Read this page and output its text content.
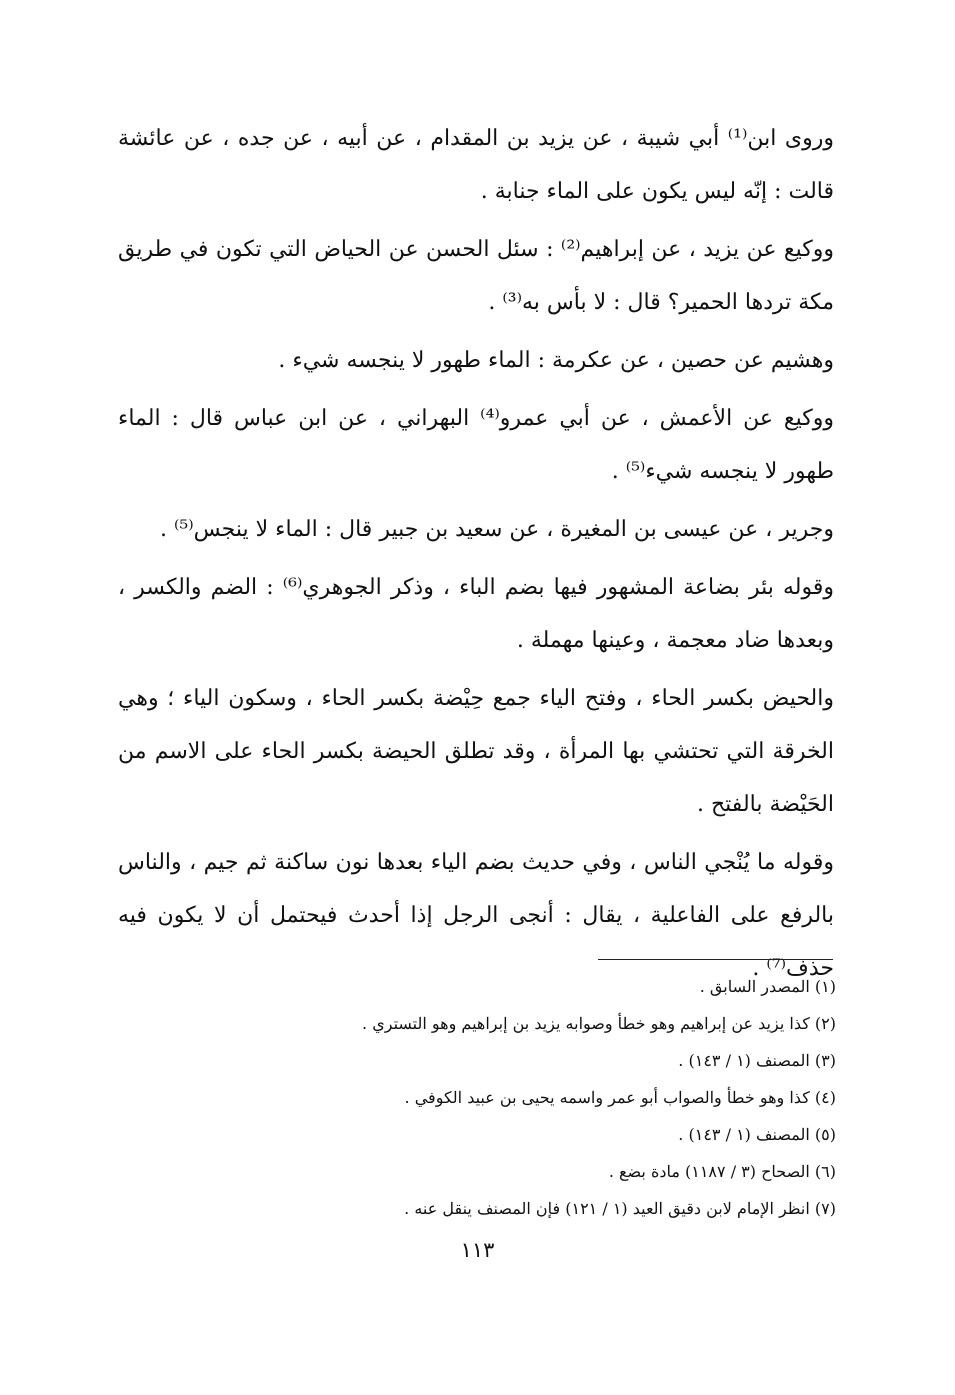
وروى ابن⁽¹⁾ أبي شيبة ، عن يزيد بن المقدام ، عن أبيه ، عن جده ، عن عائشة قالت : إنّه ليس يكون على الماء جنابة .

ووكيع عن يزيد ، عن إبراهيم⁽²⁾ : سئل الحسن عن الحياض التي تكون في طريق مكة تردها الحمير؟ قال : لا بأس به⁽³⁾ .

وهشيم عن حصين ، عن عكرمة : الماء طهور لا ينجسه شيء .

ووكيع عن الأعمش ، عن أبي عمرو⁽⁴⁾ البهراني ، عن ابن عباس قال : الماء طهور لا ينجسه شيء⁽⁵⁾ .

وجرير ، عن عيسى بن المغيرة ، عن سعيد بن جبير قال : الماء لا ينجس⁽⁵⁾ .

وقوله بئر بضاعة المشهور فيها بضم الباء ، وذكر الجوهري⁽⁶⁾ : الضم والكسر ، وبعدها ضاد معجمة ، وعينها مهملة .

والحيض بكسر الحاء ، وفتح الياء جمع حِيْضة بكسر الحاء ، وسكون الياء ؛ وهي الخرقة التي تحتشي بها المرأة ، وقد تطلق الحيضة بكسر الحاء على الاسم من الحَيْضة بالفتح .

وقوله ما يُنْجي الناس ، وفي حديث بضم الياء بعدها نون ساكنة ثم جيم ، والناس بالرفع على الفاعلية ، يقال : أنجى الرجل إذا أحدث فيحتمل أن لا يكون فيه حذف⁽⁷⁾ .

(١) المصدر السابق .

(٢) كذا يزيد عن إبراهيم وهو خطأ وصوابه يزيد بن إبراهيم وهو التستري .

(٣) المصنف (١ / ١٤٣) .

(٤) كذا وهو خطأ والصواب أبو عمر واسمه يحيى بن عبيد الكوفي .

(٥) المصنف (١ / ١٤٣) .

(٦) الصحاح (٣ / ١١٨٧) مادة بضع .

(٧) انظر الإمام لابن دقيق العيد (١ / ١٢١) فإن المصنف ينقل عنه .

١١٣
